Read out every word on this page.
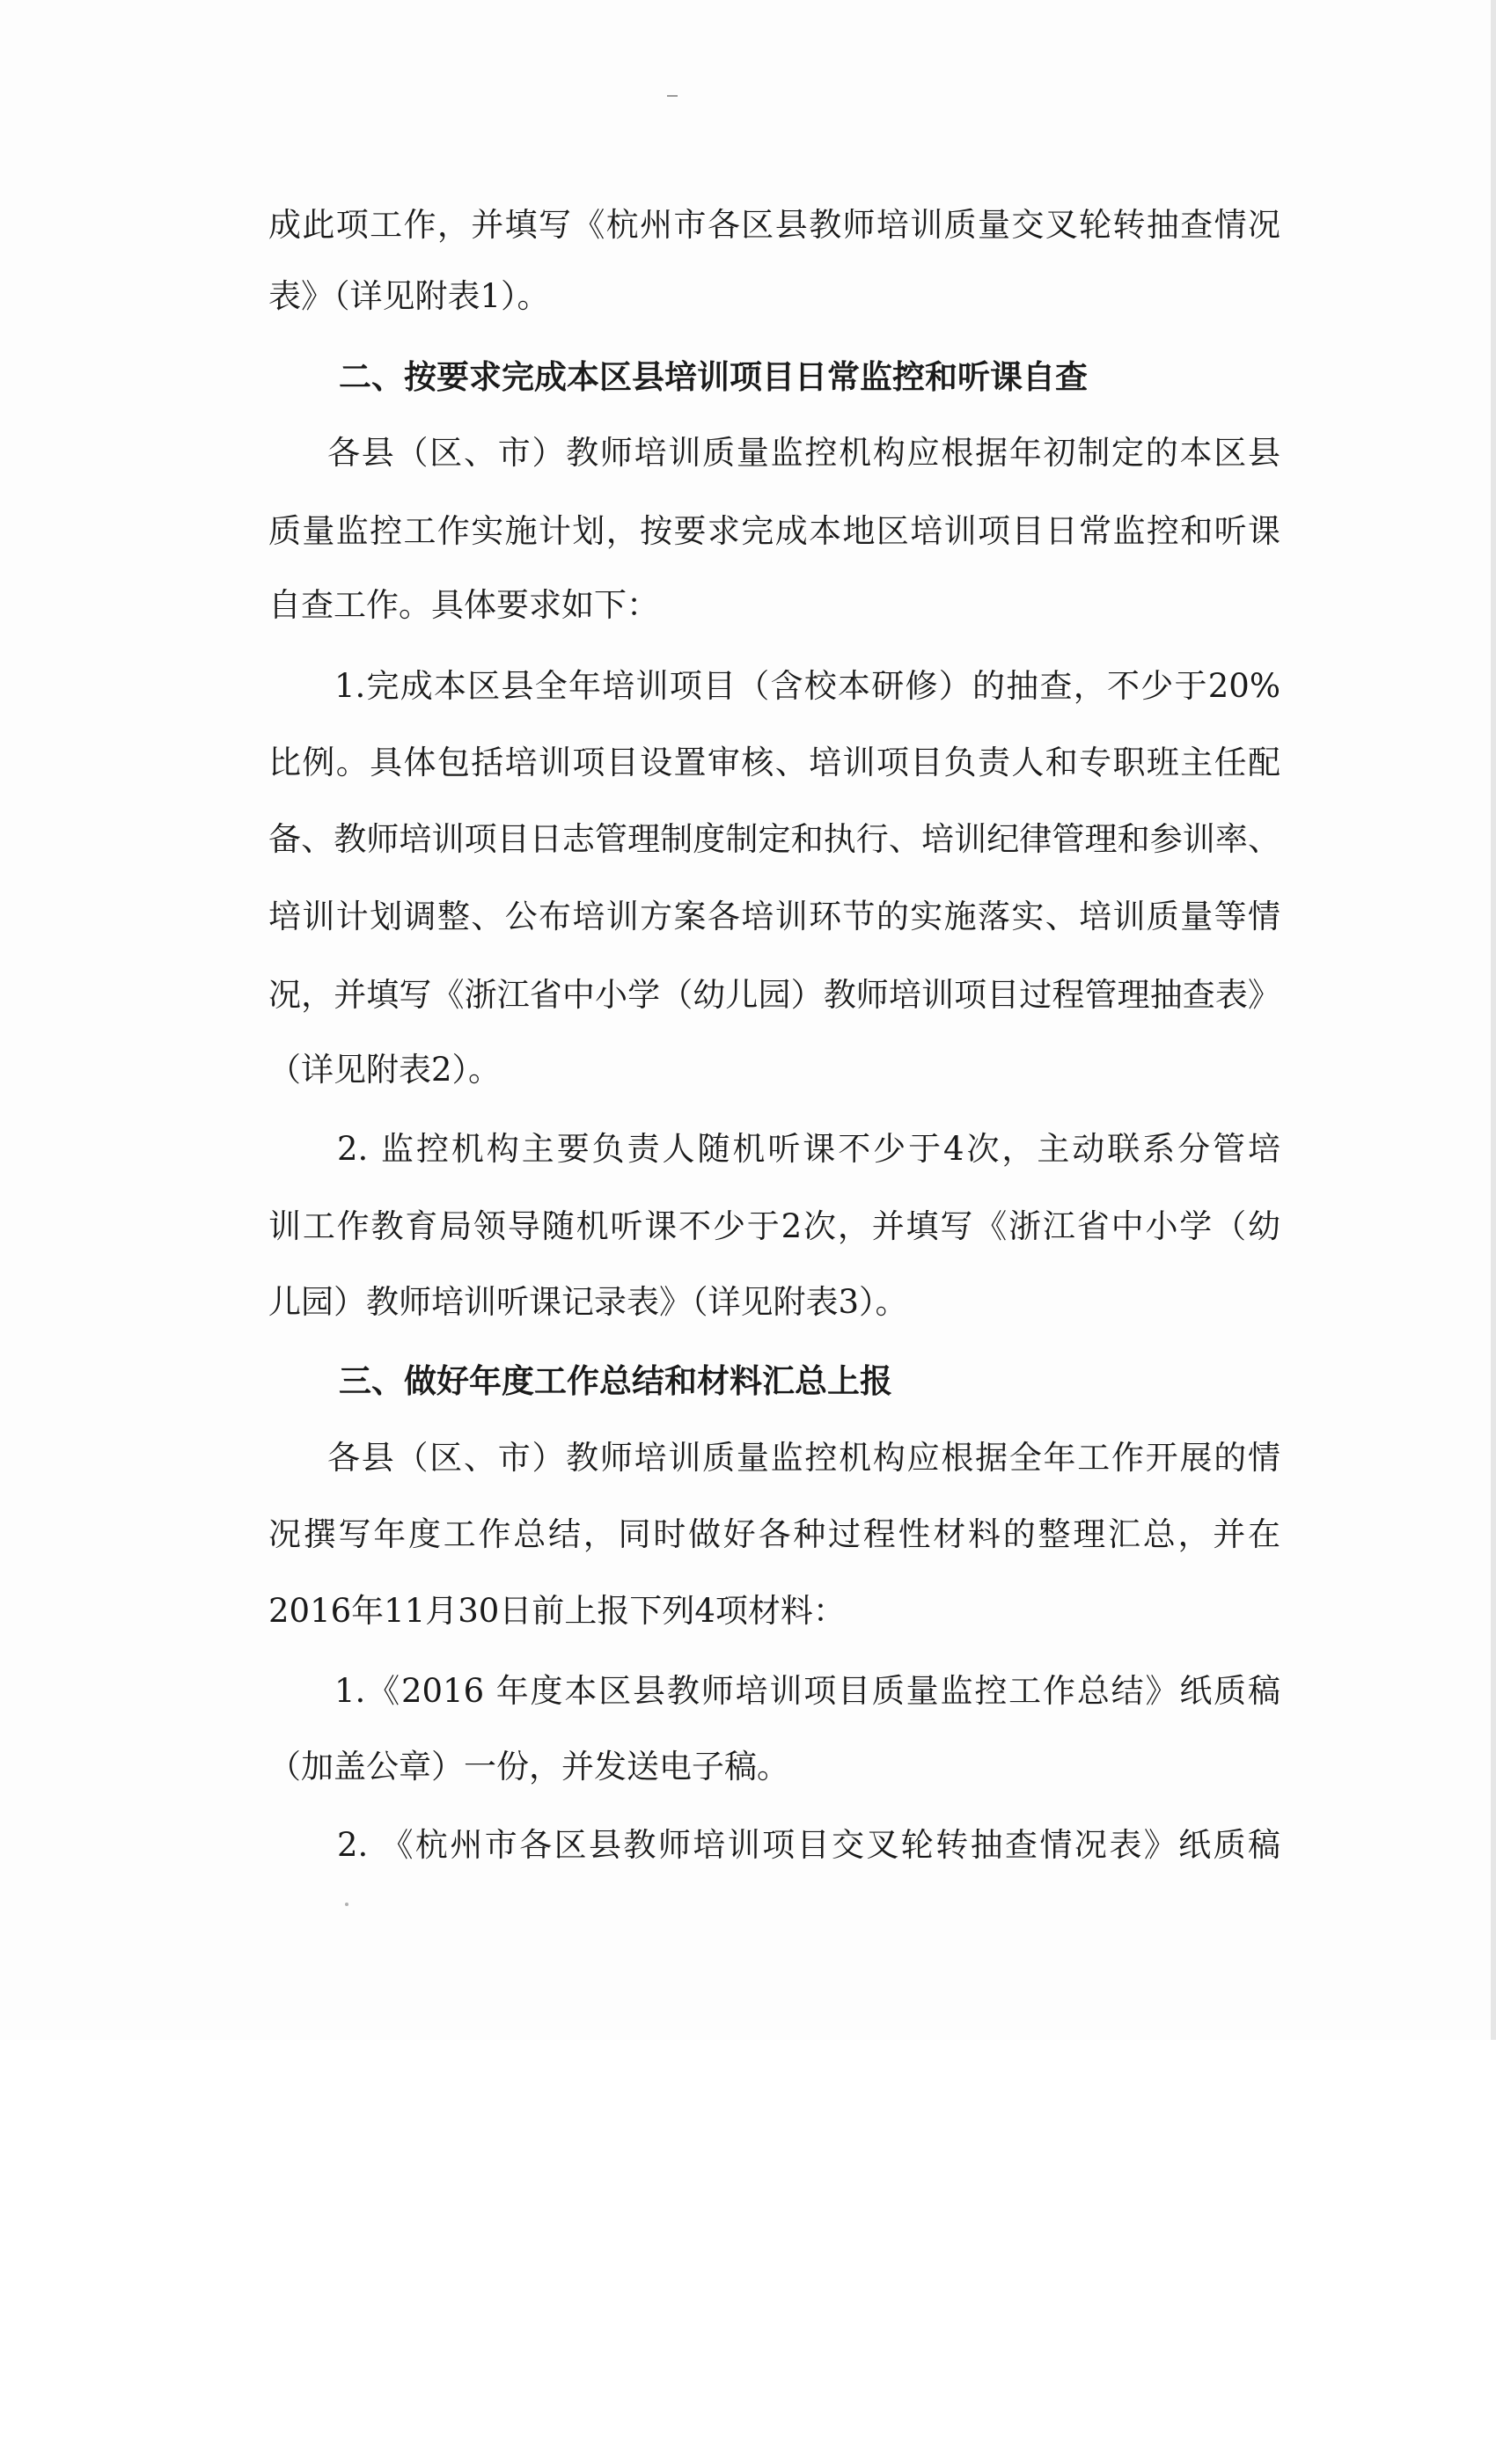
成此项工作，并填写《杭州市各区县教师培训质量交叉轮转抽查情况
表》（详见附表1）。
二、按要求完成本区县培训项目日常监控和听课自查
各县（区、市）教师培训质量监控机构应根据年初制定的本区县
质量监控工作实施计划，按要求完成本地区培训项目日常监控和听课
自查工作。具体要求如下：
1.完成本区县全年培训项目（含校本研修）的抽查，不少于20%
比例。具体包括培训项目设置审核、培训项目负责人和专职班主任配
备、教师培训项目日志管理制度制定和执行、培训纪律管理和参训率、
培训计划调整、公布培训方案各培训环节的实施落实、培训质量等情
况，并填写《浙江省中小学（幼儿园）教师培训项目过程管理抽查表》
（详见附表2）。
2. 监控机构主要负责人随机听课不少于4次，主动联系分管培
训工作教育局领导随机听课不少于2次，并填写《浙江省中小学（幼
儿园）教师培训听课记录表》（详见附表3）。
三、做好年度工作总结和材料汇总上报
各县（区、市）教师培训质量监控机构应根据全年工作开展的情
况撰写年度工作总结，同时做好各种过程性材料的整理汇总，并在
2016年11月30日前上报下列4项材料：
1.《2016 年度本区县教师培训项目质量监控工作总结》纸质稿
（加盖公章）一份，并发送电子稿。
2. 《杭州市各区县教师培训项目交叉轮转抽查情况表》纸质稿
